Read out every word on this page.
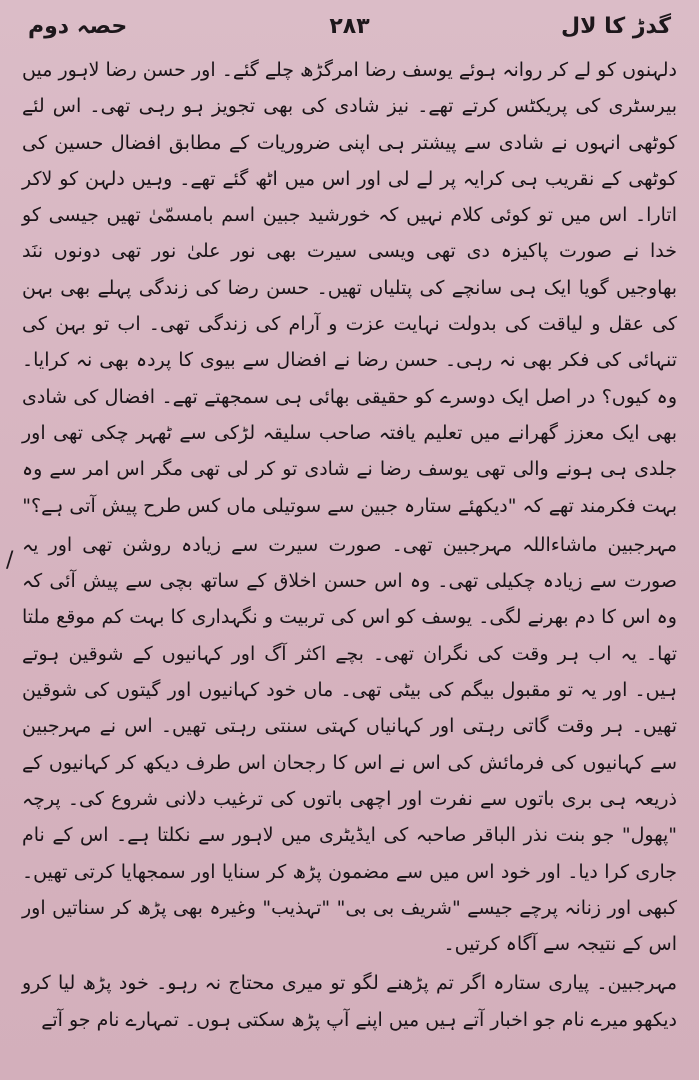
حصہ دوم	۲۸۳	گدڑ کا لال

دلہنوں کو لے کر روانہ ہوئے یوسف رضا امرگڑھ چلے گئے۔ اور حسن رضا لاہور میں بیرسٹری کی پریکٹس کرتے تھے۔ نیز شادی کی بھی تجویز ہو رہی تھی۔ اس لئے کوٹھی انہوں نے شادی سے پیشتر ہی اپنی ضروریات کے مطابق افضال حسین کی کوٹھی کے نقریب ہی کرایہ پر لے لی اور اس میں اٹھ گئے تھے۔ وہیں دلہن کو لاکر اتارا۔ اس میں تو کوئی کلام نہیں کہ خورشید جبین اسم بامسمّیٰ تھیں جیسی کو خدا نے صورت پاکیزہ دی تھی ویسی سیرت بھی نور علیٰ نور تھی دونوں ننَد بھاوجیں گویا ایک ہی سانچے کی پتلیاں تھیں۔ حسن رضا کی زندگی پہلے بھی بہن کی عقل و لیاقت کی بدولت نہایت عزت و آرام کی زندگی تھی۔ اب تو بہن کی تنہائی کی فکر بھی نہ رہی۔ حسن رضا نے افضال سے بیوی کا پردہ بھی نہ کرایا۔ وہ کیوں؟ در اصل ایک دوسرے کو حقیقی بھائی ہی سمجھتے تھے۔ افضال کی شادی بھی ایک معزز گھرانے میں تعلیم یافتہ صاحب سلیقہ لڑکی سے ٹھہر چکی تھی اور جلدی ہی ہونے والی تھی یوسف رضا نے شادی تو کر لی تھی مگر اس امر سے وہ بہت فکرمند تھے کہ "دیکھئے ستارہ جبین سے سوتیلی ماں کس طرح پیش آتی ہے؟"

مہرجبین ماشاءاللہ مہرجبین تھی۔ صورت سیرت سے زیادہ روشن تھی اور یہ صورت سے زیادہ چکیلی تھی۔ وہ اس حسن اخلاق کے ساتھ بچی سے پیش آئی کہ وہ اس کا دم بھرنے لگی۔ یوسف کو اس کی تربیت و نگہداری کا بہت کم موقع ملتا تھا۔ یہ اب ہر وقت کی نگران تھی۔ بچے اکثر آگ اور کہانیوں کے شوقین ہوتے ہیں۔ اور یہ تو مقبول بیگم کی بیٹی تھی۔ ماں خود کہانیوں اور گیتوں کی شوقین تھیں۔ ہر وقت گاتی رہتی اور کہانیاں کہتی سنتی رہتی تھیں۔ اس نے مہرجبین سے کہانیوں کی فرمائش کی اس نے اس کا رجحان اس طرف دیکھ کر کہانیوں کے ذریعہ ہی بری باتوں سے نفرت اور اچھی باتوں کی ترغیب دلانی شروع کی۔ پرچہ "پھول" جو بنت نذر الباقر صاحبہ کی ایڈیٹری میں لاہور سے نکلتا ہے۔ اس کے نام جاری کرا دیا۔ اور خود اس میں سے مضمون پڑھ کر سنایا اور سمجھایا کرتی تھیں۔ کبھی اور زنانہ پرچے جیسے "شریف بی بی" "تہذیب" وغیرہ بھی پڑھ کر سناتیں اور اس کے نتیجہ سے آگاہ کرتیں۔

مہرجبین۔ پیاری ستارہ اگر تم پڑھنے لگو تو میری محتاج نہ رہو۔ خود پڑھ لیا کرو دیکھو میرے نام جو اخبار آتے ہیں میں اپنے آپ پڑھ سکتی ہوں۔ تمہارے نام جو آتے

/
